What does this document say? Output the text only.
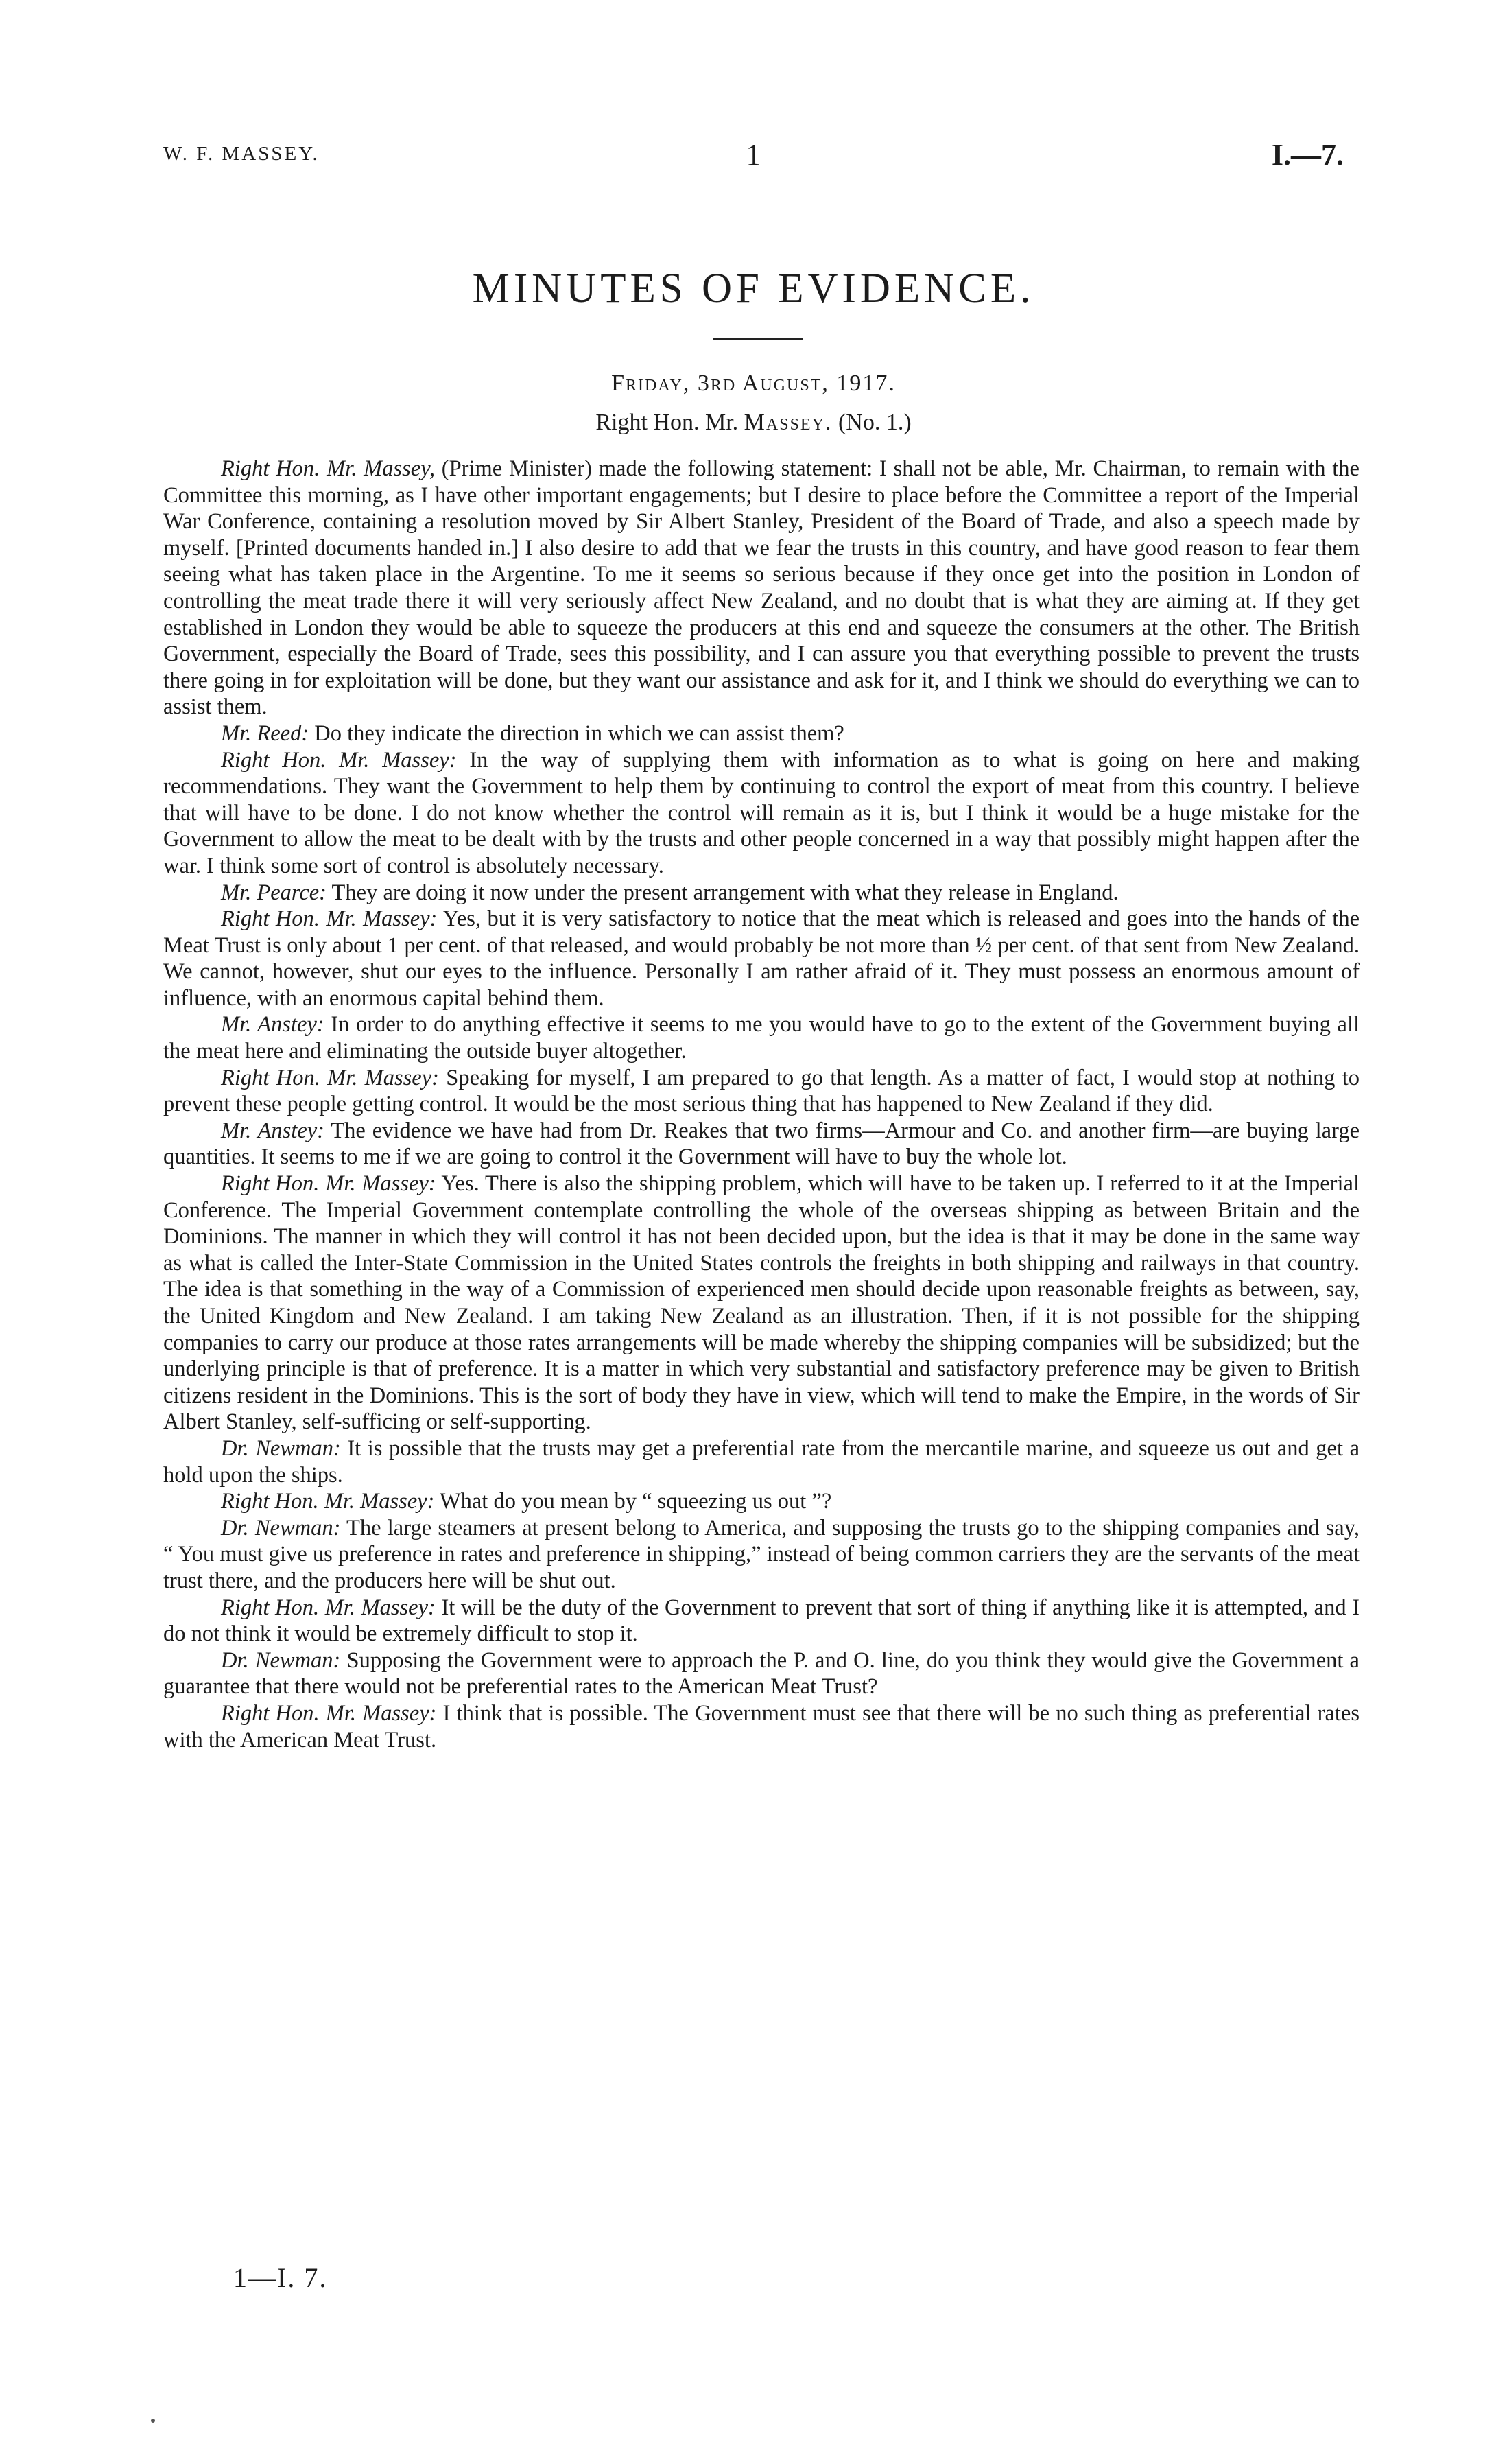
W. F. MASSEY.	1	I.—7.
MINUTES OF EVIDENCE.
Friday, 3rd August, 1917.
Right Hon. Mr. Massey. (No. 1.)

Right Hon. Mr. Massey, (Prime Minister) made the following statement: I shall not be able, Mr. Chairman, to remain with the Committee this morning, as I have other important engagements; but I desire to place before the Committee a report of the Imperial War Conference, containing a resolution moved by Sir Albert Stanley, President of the Board of Trade, and also a speech made by myself. [Printed documents handed in.] I also desire to add that we fear the trusts in this country, and have good reason to fear them seeing what has taken place in the Argentine. To me it seems so serious because if they once get into the position in London of controlling the meat trade there it will very seriously affect New Zealand, and no doubt that is what they are aiming at. If they get established in London they would be able to squeeze the producers at this end and squeeze the consumers at the other. The British Government, especially the Board of Trade, sees this possibility, and I can assure you that everything possible to prevent the trusts there going in for exploitation will be done, but they want our assistance and ask for it, and I think we should do everything we can to assist them.

Mr. Reed: Do they indicate the direction in which we can assist them?

Right Hon. Mr. Massey: In the way of supplying them with information as to what is going on here and making recommendations. They want the Government to help them by continuing to control the export of meat from this country. I believe that will have to be done. I do not know whether the control will remain as it is, but I think it would be a huge mistake for the Government to allow the meat to be dealt with by the trusts and other people concerned in a way that possibly might happen after the war. I think some sort of control is absolutely necessary.

Mr. Pearce: They are doing it now under the present arrangement with what they release in England.

Right Hon. Mr. Massey: Yes, but it is very satisfactory to notice that the meat which is released and goes into the hands of the Meat Trust is only about 1 per cent. of that released, and would probably be not more than ½ per cent. of that sent from New Zealand. We cannot, however, shut our eyes to the influence. Personally I am rather afraid of it. They must possess an enormous amount of influence, with an enormous capital behind them.

Mr. Anstey: In order to do anything effective it seems to me you would have to go to the extent of the Government buying all the meat here and eliminating the outside buyer altogether.

Right Hon. Mr. Massey: Speaking for myself, I am prepared to go that length. As a matter of fact, I would stop at nothing to prevent these people getting control. It would be the most serious thing that has happened to New Zealand if they did.

Mr. Anstey: The evidence we have had from Dr. Reakes that two firms—Armour and Co. and another firm—are buying large quantities. It seems to me if we are going to control it the Government will have to buy the whole lot.

Right Hon. Mr. Massey: Yes. There is also the shipping problem, which will have to be taken up. I referred to it at the Imperial Conference. The Imperial Government contemplate controlling the whole of the overseas shipping as between Britain and the Dominions. The manner in which they will control it has not been decided upon, but the idea is that it may be done in the same way as what is called the Inter-State Commission in the United States controls the freights in both shipping and railways in that country. The idea is that something in the way of a Commission of experienced men should decide upon reasonable freights as between, say, the United Kingdom and New Zealand. I am taking New Zealand as an illustration. Then, if it is not possible for the shipping companies to carry our produce at those rates arrangements will be made whereby the shipping companies will be subsidized; but the underlying principle is that of preference. It is a matter in which very substantial and satisfactory preference may be given to British citizens resident in the Dominions. This is the sort of body they have in view, which will tend to make the Empire, in the words of Sir Albert Stanley, self-sufficing or self-supporting.

Dr. Newman: It is possible that the trusts may get a preferential rate from the mercantile marine, and squeeze us out and get a hold upon the ships.

Right Hon. Mr. Massey: What do you mean by “ squeezing us out ”?

Dr. Newman: The large steamers at present belong to America, and supposing the trusts go to the shipping companies and say, “ You must give us preference in rates and preference in shipping,” instead of being common carriers they are the servants of the meat trust there, and the producers here will be shut out.

Right Hon. Mr. Massey: It will be the duty of the Government to prevent that sort of thing if anything like it is attempted, and I do not think it would be extremely difficult to stop it.

Dr. Newman: Supposing the Government were to approach the P. and O. line, do you think they would give the Government a guarantee that there would not be preferential rates to the American Meat Trust?

Right Hon. Mr. Massey: I think that is possible. The Government must see that there will be no such thing as preferential rates with the American Meat Trust.

1—I. 7.
